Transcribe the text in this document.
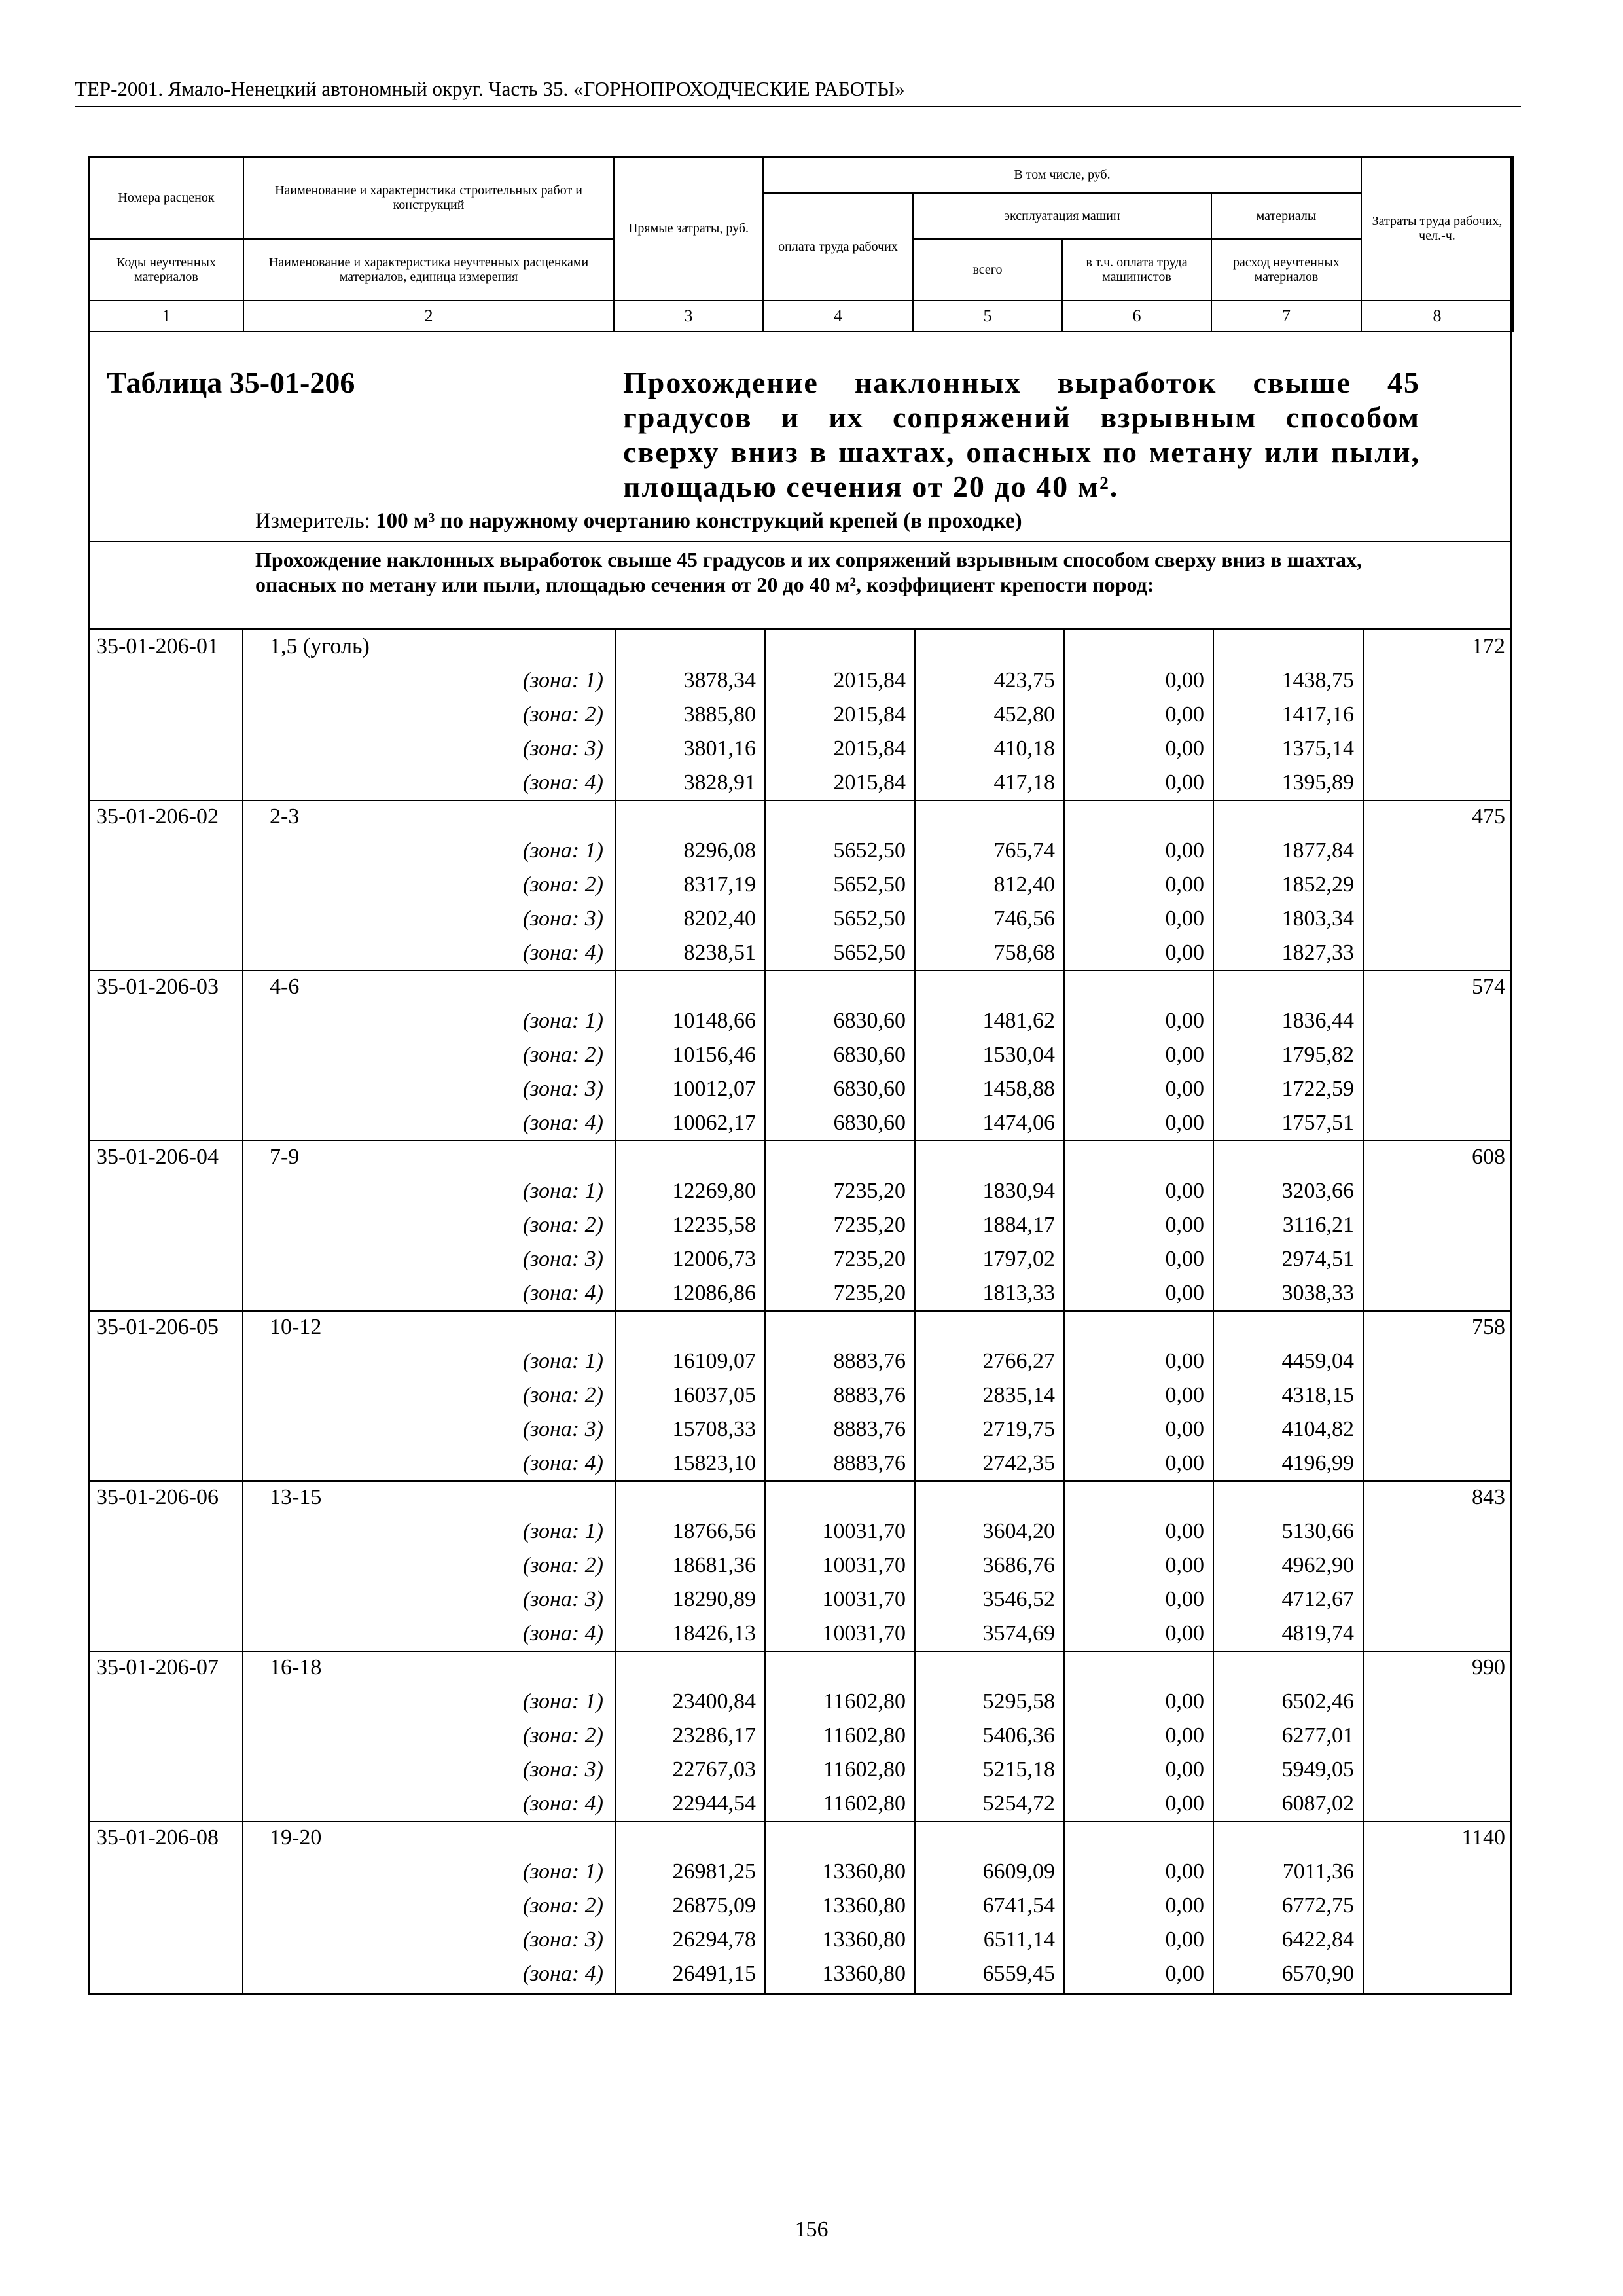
ТЕР-2001. Ямало-Ненецкий автономный округ. Часть 35. «ГОРНОПРОХОДЧЕСКИЕ РАБОТЫ»
Номера расценок	Наименование и характеристика строительных работ и конструкций	Прямые затраты, руб.	В том числе, руб.				Затраты труда рабочих, чел.-ч.
			оплата труда рабочих	эксплуатация машин		материалы	

Коды неучтенных материалов	Наименование и характеристика неучтенных расценками материалов, единица измерения			всего	в т.ч. оплата труда машинистов	расход неучтенных материалов	

1	2	3	4	5	6	7	8
Таблица 35-01-206	Прохождение наклонных выработок свыше 45 градусов и их сопряжений взрывным способом сверху вниз в шахтах, опасных по метану или пыли, площадью сечения от 20 до 40 м².
Измеритель: 100 м³ по наружному очертанию конструкций крепей (в проходке)
Прохождение наклонных выработок свыше 45 градусов и их сопряжений взрывным способом сверху вниз в шахтах, опасных по метану или пыли, площадью сечения от 20 до 40 м², коэффициент крепости пород:
35-01-206-01 1,5 (уголь)	172
(зона: 1)	3878,34	2015,84	423,75	0,00	1438,75
(зона: 2)	3885,80	2015,84	452,80	0,00	1417,16
(зона: 3)	3801,16	2015,84	410,18	0,00	1375,14
(зона: 4)	3828,91	2015,84	417,18	0,00	1395,89
35-01-206-02 2-3	475
(зона: 1)	8296,08	5652,50	765,74	0,00	1877,84
(зона: 2)	8317,19	5652,50	812,40	0,00	1852,29
(зона: 3)	8202,40	5652,50	746,56	0,00	1803,34
(зона: 4)	8238,51	5652,50	758,68	0,00	1827,33
35-01-206-03 4-6	574
(зона: 1)	10148,66	6830,60	1481,62	0,00	1836,44
(зона: 2)	10156,46	6830,60	1530,04	0,00	1795,82
(зона: 3)	10012,07	6830,60	1458,88	0,00	1722,59
(зона: 4)	10062,17	6830,60	1474,06	0,00	1757,51
35-01-206-04 7-9	608
(зона: 1)	12269,80	7235,20	1830,94	0,00	3203,66
(зона: 2)	12235,58	7235,20	1884,17	0,00	3116,21
(зона: 3)	12006,73	7235,20	1797,02	0,00	2974,51
(зона: 4)	12086,86	7235,20	1813,33	0,00	3038,33
35-01-206-05 10-12	758
(зона: 1)	16109,07	8883,76	2766,27	0,00	4459,04
(зона: 2)	16037,05	8883,76	2835,14	0,00	4318,15
(зона: 3)	15708,33	8883,76	2719,75	0,00	4104,82
(зона: 4)	15823,10	8883,76	2742,35	0,00	4196,99
35-01-206-06 13-15	843
(зона: 1)	18766,56	10031,70	3604,20	0,00	5130,66
(зона: 2)	18681,36	10031,70	3686,76	0,00	4962,90
(зона: 3)	18290,89	10031,70	3546,52	0,00	4712,67
(зона: 4)	18426,13	10031,70	3574,69	0,00	4819,74
35-01-206-07 16-18	990
(зона: 1)	23400,84	11602,80	5295,58	0,00	6502,46
(зона: 2)	23286,17	11602,80	5406,36	0,00	6277,01
(зона: 3)	22767,03	11602,80	5215,18	0,00	5949,05
(зона: 4)	22944,54	11602,80	5254,72	0,00	6087,02
35-01-206-08 19-20	1140
(зона: 1)	26981,25	13360,80	6609,09	0,00	7011,36
(зона: 2)	26875,09	13360,80	6741,54	0,00	6772,75
(зона: 3)	26294,78	13360,80	6511,14	0,00	6422,84
(зона: 4)	26491,15	13360,80	6559,45	0,00	6570,90
156
